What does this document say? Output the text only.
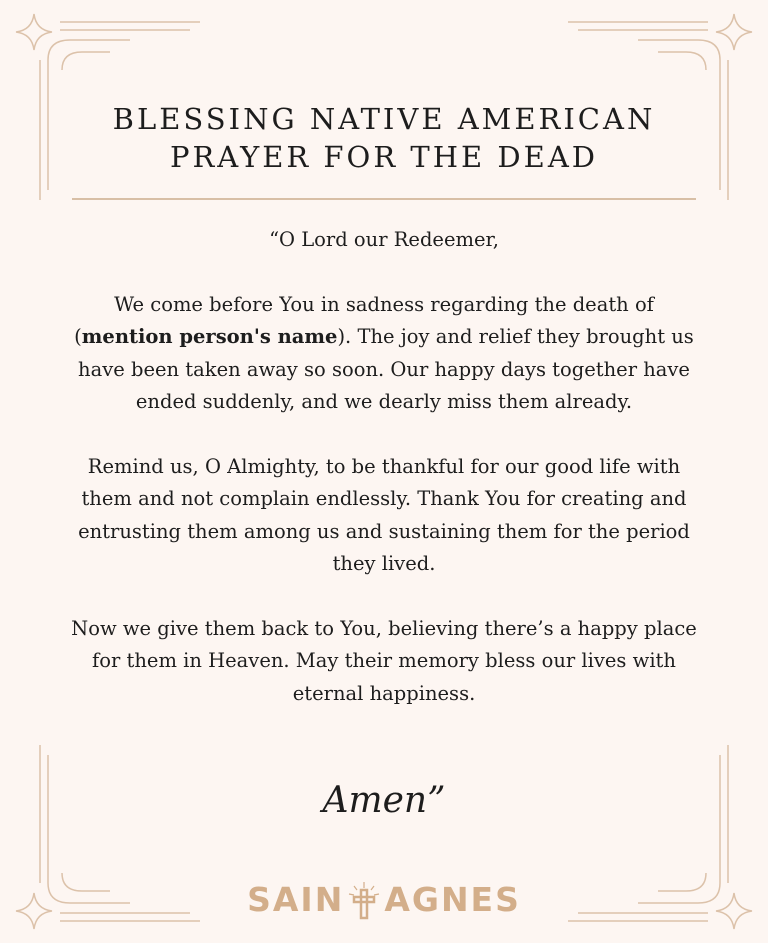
BLESSING NATIVE AMERICAN
PRAYER FOR THE DEAD

“O Lord our Redeemer,

We come before You in sadness regarding the death of (mention person's name). The joy and relief they brought us have been taken away so soon. Our happy days together have ended suddenly, and we dearly miss them already.

Remind us, O Almighty, to be thankful for our good life with them and not complain endlessly. Thank You for creating and entrusting them among us and sustaining them for the period they lived.

Now we give them back to You, believing there’s a happy place for them in Heaven. May their memory bless our lives with eternal happiness.

Amen”
SAIN AGNES
